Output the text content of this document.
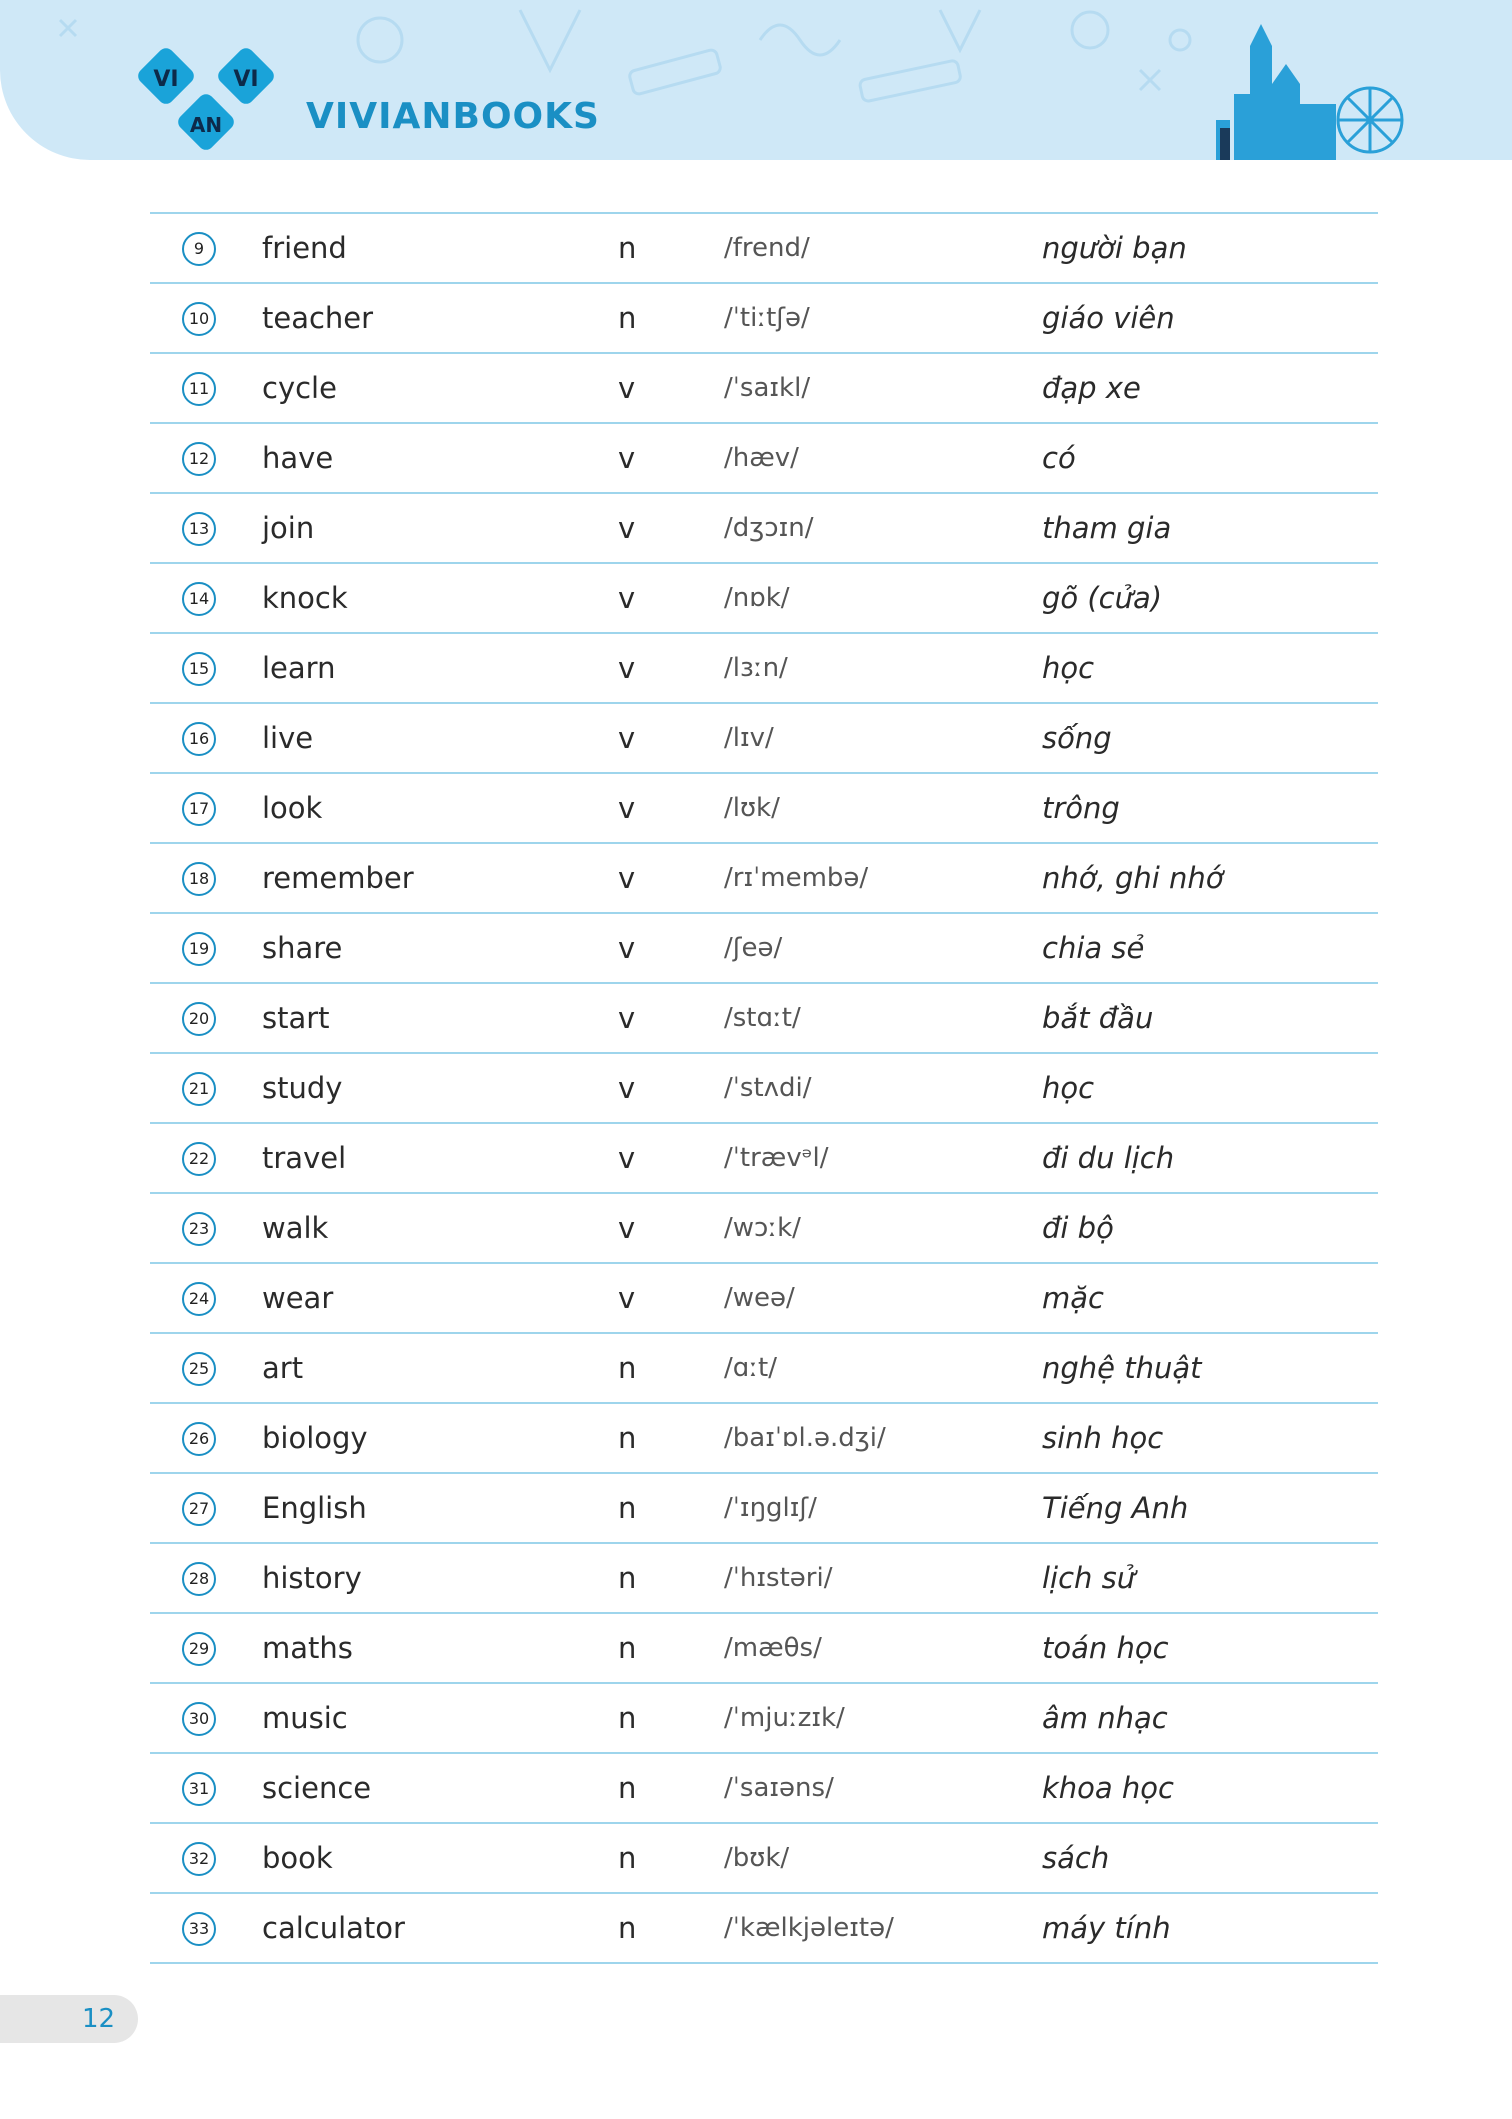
VI VI
AN VIVIANBOOKS
9	friend	n	/frend/	người bạn
10 teacher	n	/ˈtiːtʃə/	giáo viên
11 cycle	v	/ˈsaɪkl/	đạp xe
12 have	v	/hæv/	có
13 join	v	/dʒɔɪn/	tham gia
14 knock	v	/nɒk/	gõ (cửa)
15 learn	v	/lɜːn/	học
16 live	v	/lɪv/	sống
17 look	v	/lʊk/	trông
18 remember	v	/rɪˈmembə/	nhớ, ghi nhớ
19 share	v	/ʃeə/	chia sẻ
20 start	v	/stɑːt/	bắt đầu
21 study	v	/ˈstʌdi/	học
22 travel	v	/ˈtrævᵊl/	đi du lịch
23 walk	v	/wɔːk/	đi bộ
24 wear	v	/weə/	mặc
25 art	n	/ɑːt/	nghệ thuật
26 biology	n	/baɪˈɒl.ə.dʒi/	sinh học
27 English	n	/ˈɪŋglɪʃ/	Tiếng Anh
28 history	n	/ˈhɪstəri/	lịch sử
29 maths	n	/mæθs/	toán học
30 music	n	/ˈmjuːzɪk/	âm nhạc
31 science	n	/ˈsaɪəns/	khoa học
32 book	n	/bʊk/	sách
33 calculator	n	/ˈkælkjəleɪtə/	máy tính
12
